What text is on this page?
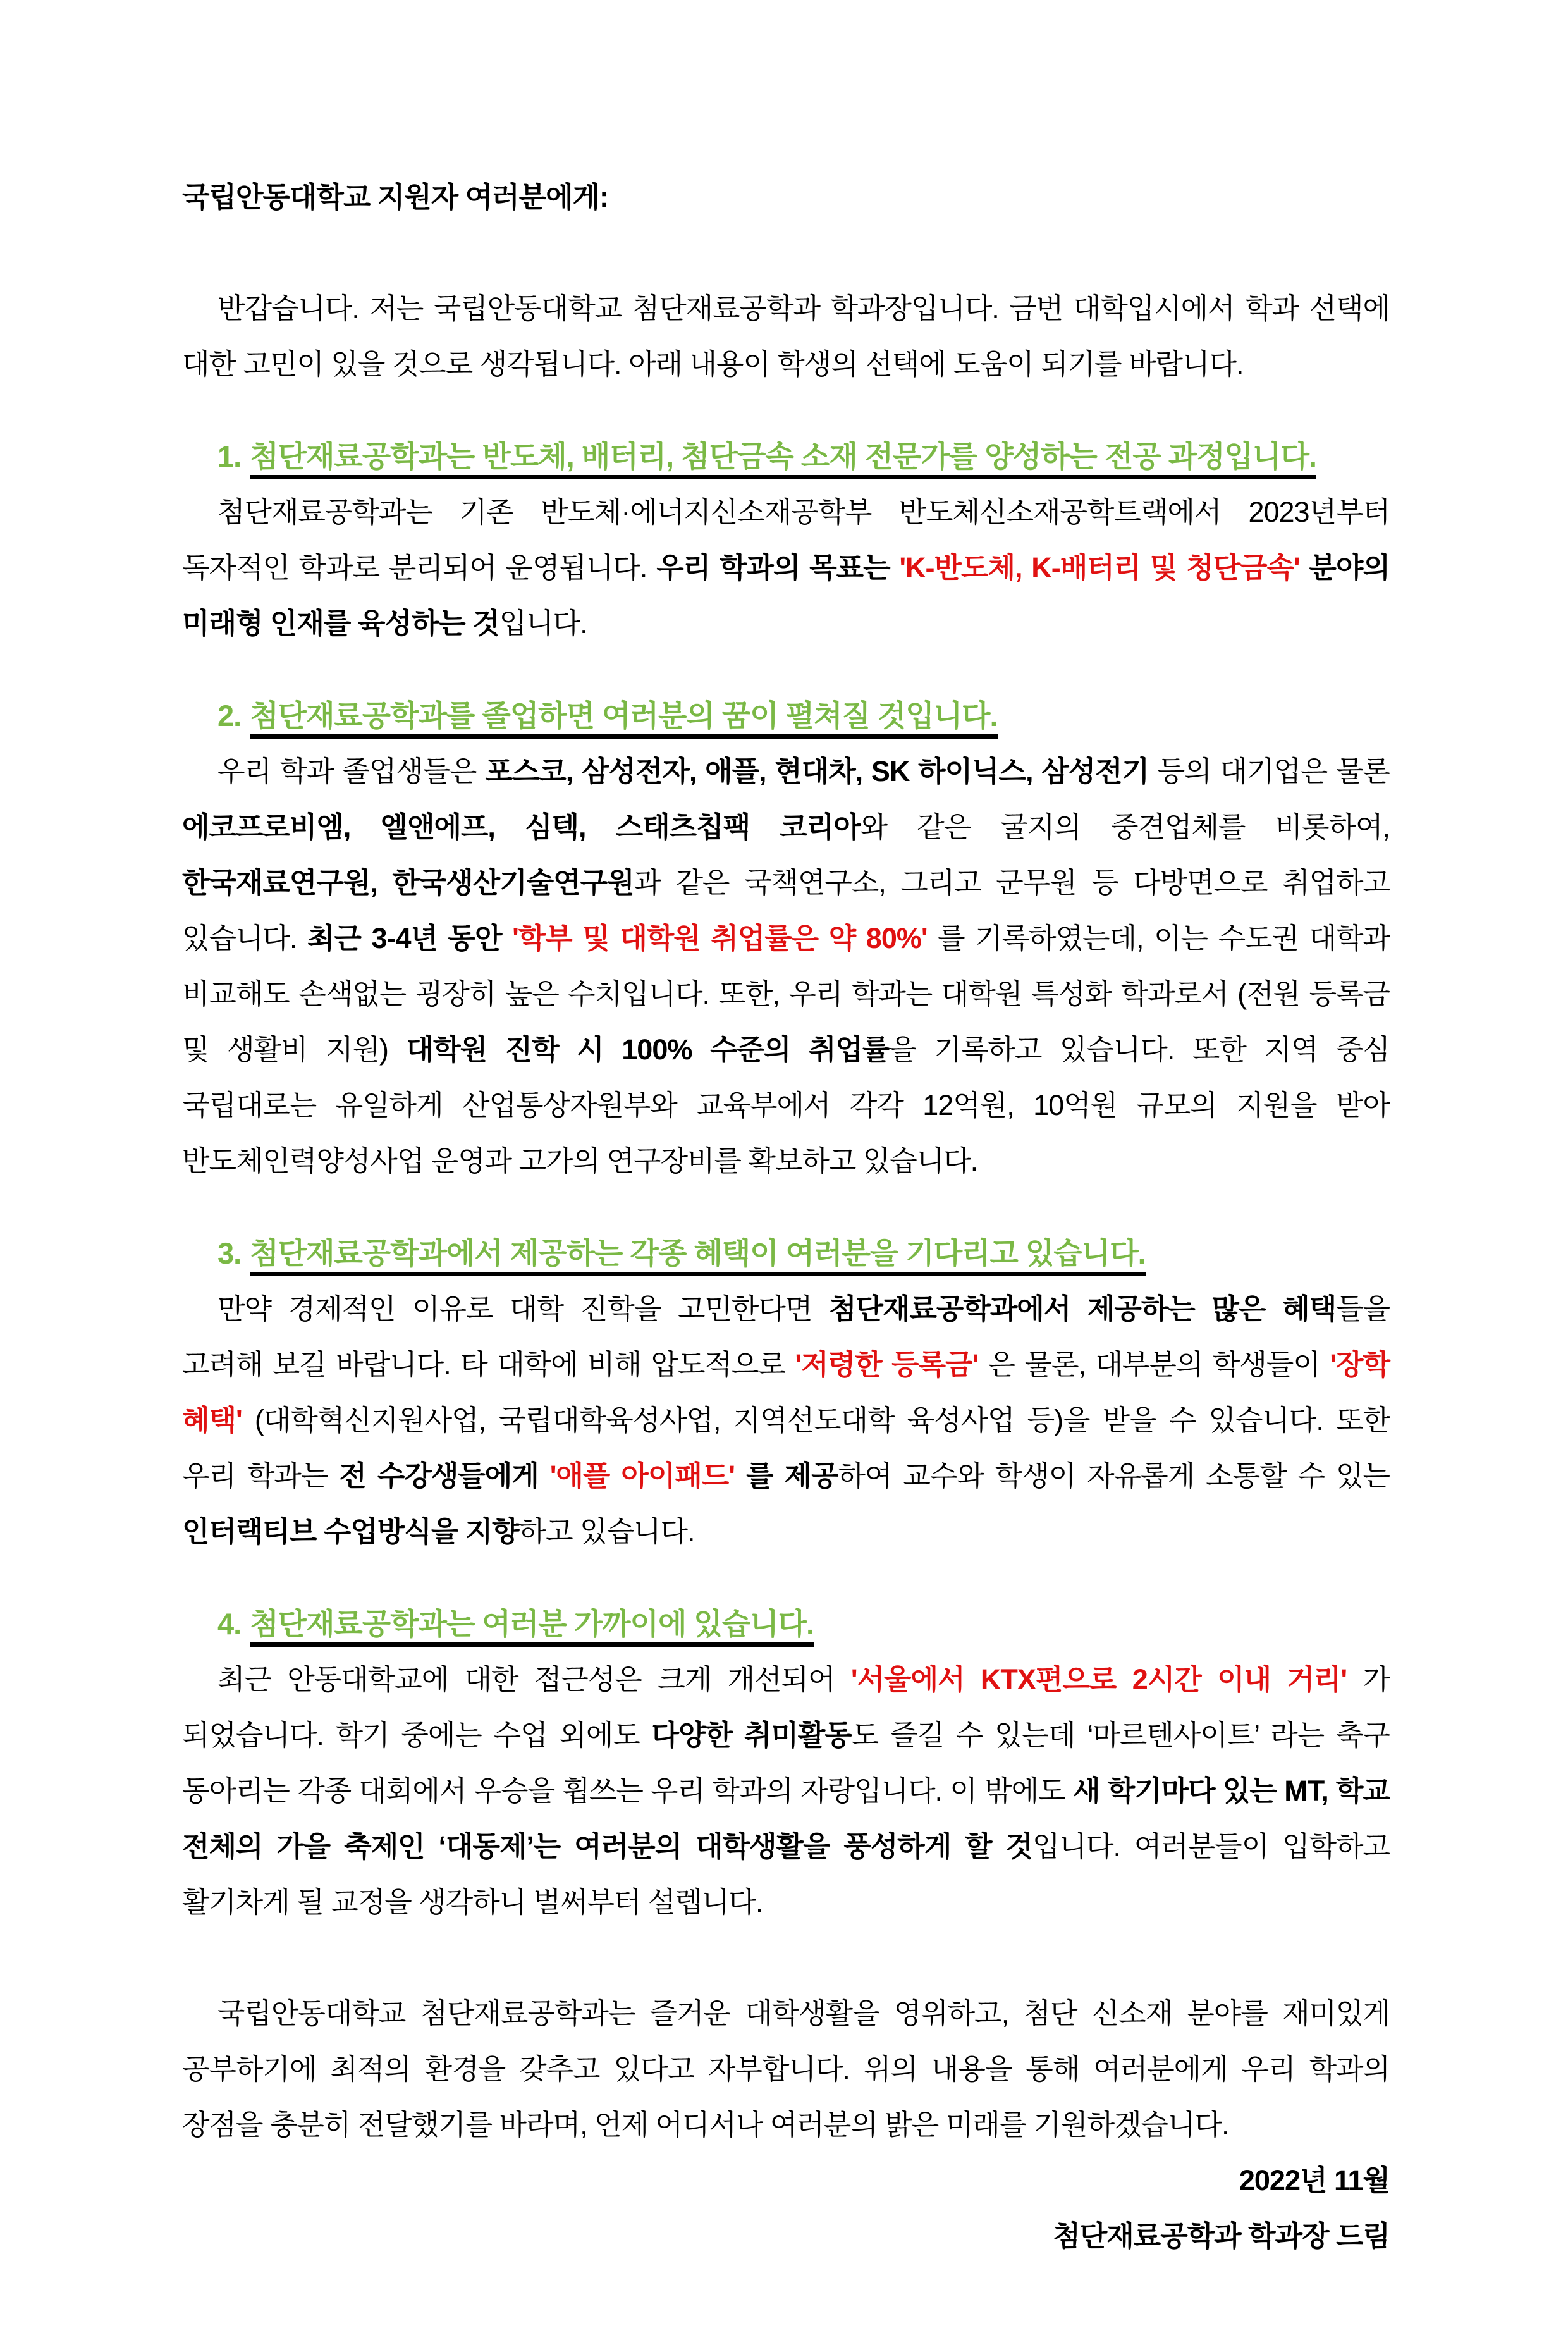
국립안동대학교 지원자 여러분에게:

반갑습니다. 저는 국립안동대학교 첨단재료공학과 학과장입니다. 금번 대학입시에서 학과 선택에 대한 고민이 있을 것으로 생각됩니다. 아래 내용이 학생의 선택에 도움이 되기를 바랍니다.

1. 첨단재료공학과는 반도체, 배터리, 첨단금속 소재 전문가를 양성하는 전공 과정입니다.

첨단재료공학과는 기존 반도체·에너지신소재공학부 반도체신소재공학트랙에서 2023년부터 독자적인 학과로 분리되어 운영됩니다. 우리 학과의 목표는 'K-반도체, K-배터리 및 청단금속' 분야의 미래형 인재를 육성하는 것입니다.

2. 첨단재료공학과를 졸업하면 여러분의 꿈이 펼쳐질 것입니다.

우리 학과 졸업생들은 포스코, 삼성전자, 애플, 현대차, SK 하이닉스, 삼성전기 등의 대기업은 물론 에코프로비엠, 엘앤에프, 심텍, 스태츠칩팩 코리아와 같은 굴지의 중견업체를 비롯하여, 한국재료연구원, 한국생산기술연구원과 같은 국책연구소, 그리고 군무원 등 다방면으로 취업하고 있습니다. 최근 3-4년 동안 '학부 및 대학원 취업률은 약 80%' 를 기록하였는데, 이는 수도권 대학과 비교해도 손색없는 굉장히 높은 수치입니다. 또한, 우리 학과는 대학원 특성화 학과로서 (전원 등록금 및 생활비 지원) 대학원 진학 시 100% 수준의 취업률을 기록하고 있습니다. 또한 지역 중심 국립대로는 유일하게 산업통상자원부와 교육부에서 각각 12억원, 10억원 규모의 지원을 받아 반도체인력양성사업 운영과 고가의 연구장비를 확보하고 있습니다.

3. 첨단재료공학과에서 제공하는 각종 혜택이 여러분을 기다리고 있습니다.

만약 경제적인 이유로 대학 진학을 고민한다면 첨단재료공학과에서 제공하는 많은 혜택들을 고려해 보길 바랍니다. 타 대학에 비해 압도적으로 '저령한 등록금' 은 물론, 대부분의 학생들이 '장학 혜택' (대학혁신지원사업, 국립대학육성사업, 지역선도대학 육성사업 등)을 받을 수 있습니다. 또한 우리 학과는 전 수강생들에게 '애플 아이패드' 를 제공하여 교수와 학생이 자유롭게 소통할 수 있는 인터랙티브 수업방식을 지향하고 있습니다.

4. 첨단재료공학과는 여러분 가까이에 있습니다.

최근 안동대학교에 대한 접근성은 크게 개선되어 '서울에서 KTX편으로 2시간 이내 거리' 가 되었습니다. 학기 중에는 수업 외에도 다양한 취미활동도 즐길 수 있는데 ‘마르텐사이트’ 라는 축구 동아리는 각종 대회에서 우승을 휩쓰는 우리 학과의 자랑입니다. 이 밖에도 새 학기마다 있는 MT, 학교 전체의 가을 축제인 ‘대동제’는 여러분의 대학생활을 풍성하게 할 것입니다. 여러분들이 입학하고 활기차게 될 교정을 생각하니 벌써부터 설렙니다.

국립안동대학교 첨단재료공학과는 즐거운 대학생활을 영위하고, 첨단 신소재 분야를 재미있게 공부하기에 최적의 환경을 갖추고 있다고 자부합니다. 위의 내용을 통해 여러분에게 우리 학과의 장점을 충분히 전달했기를 바라며, 언제 어디서나 여러분의 밝은 미래를 기원하겠습니다.

2022년 11월

첨단재료공학과 학과장 드림
